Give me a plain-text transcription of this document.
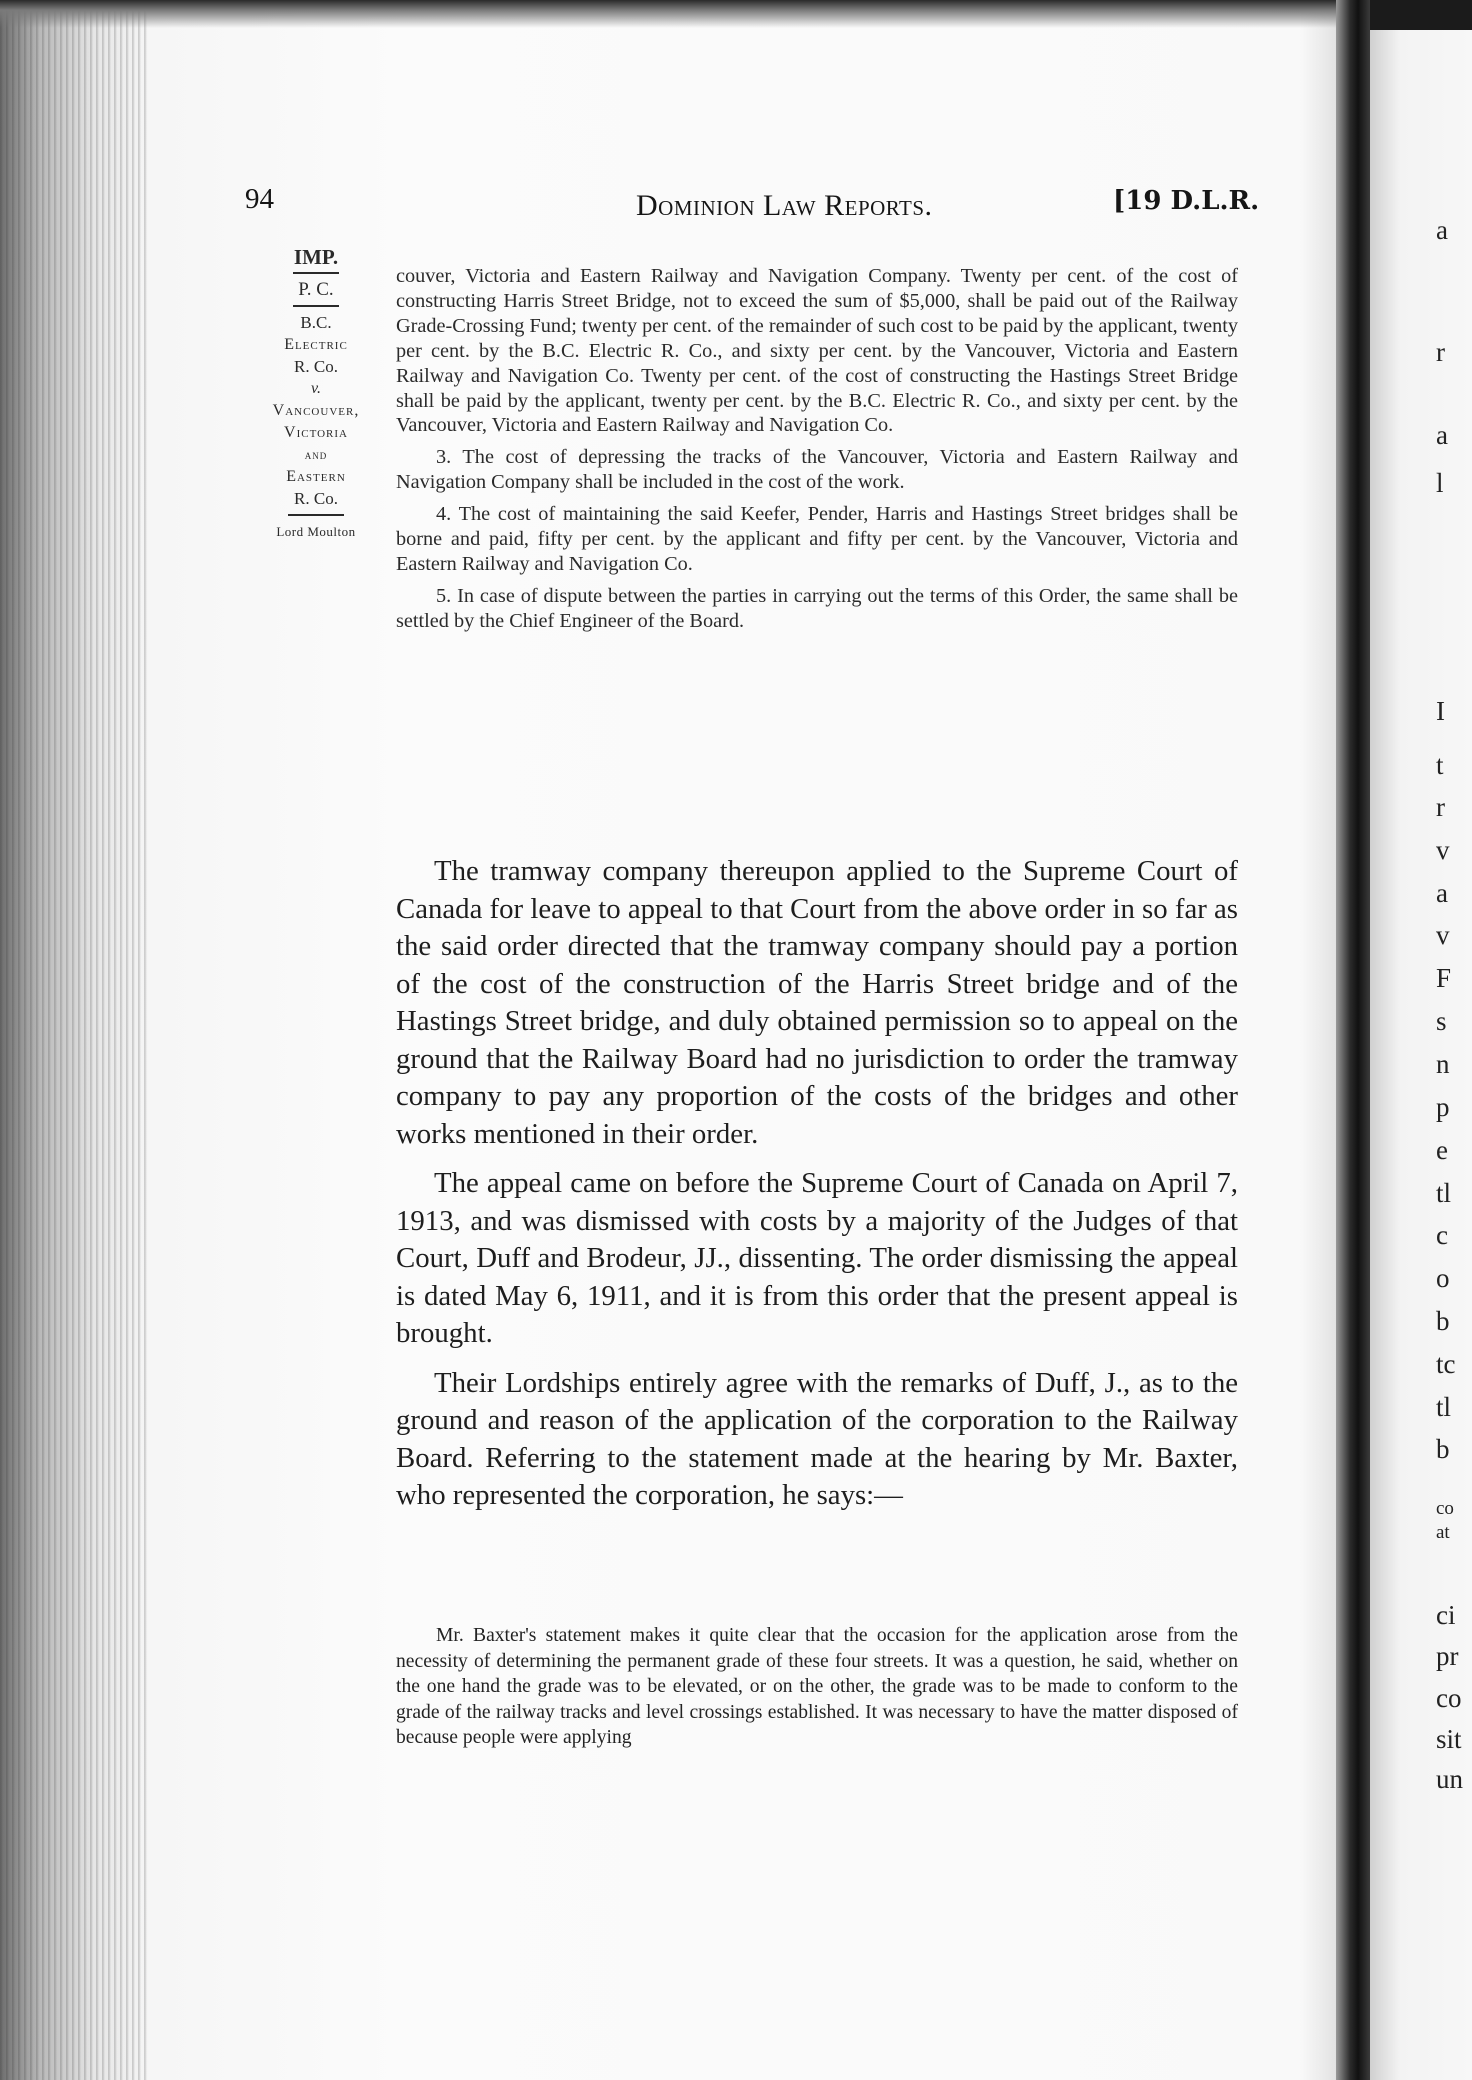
a

r

a

l

I

t

r

v

a

v

F

s

n

p

e

tl

c

o

b

tc

tl

b

co

at

ci

pr

co

sit

un

94	Dominion Law Reports.	[19 D.L.R.

IMP.

P. C.

B.C.

Electric

R. Co.

v.

Vancouver,

Victoria

and

Eastern

R. Co.

Lord Moulton

couver, Victoria and Eastern Railway and Navigation Company. Twenty per cent. of the cost of constructing Harris Street Bridge, not to exceed the sum of $5,000, shall be paid out of the Railway Grade-Crossing Fund; twenty per cent. of the remainder of such cost to be paid by the applicant, twenty per cent. by the B.C. Electric R. Co., and sixty per cent. by the Vancouver, Victoria and Eastern Railway and Navigation Co. Twenty per cent. of the cost of constructing the Hastings Street Bridge shall be paid by the applicant, twenty per cent. by the B.C. Electric R. Co., and sixty per cent. by the Vancouver, Victoria and Eastern Railway and Navigation Co.

3. The cost of depressing the tracks of the Vancouver, Victoria and Eastern Railway and Navigation Company shall be included in the cost of the work.

4. The cost of maintaining the said Keefer, Pender, Harris and Hastings Street bridges shall be borne and paid, fifty per cent. by the applicant and fifty per cent. by the Vancouver, Victoria and Eastern Railway and Navigation Co.

5. In case of dispute between the parties in carrying out the terms of this Order, the same shall be settled by the Chief Engineer of the Board.

The tramway company thereupon applied to the Supreme Court of Canada for leave to appeal to that Court from the above order in so far as the said order directed that the tramway company should pay a portion of the cost of the construction of the Harris Street bridge and of the Hastings Street bridge, and duly obtained permission so to appeal on the ground that the Railway Board had no jurisdiction to order the tramway company to pay any proportion of the costs of the bridges and other works mentioned in their order.

The appeal came on before the Supreme Court of Canada on April 7, 1913, and was dismissed with costs by a majority of the Judges of that Court, Duff and Brodeur, JJ., dissenting. The order dismissing the appeal is dated May 6, 1911, and it is from this order that the present appeal is brought.

Their Lordships entirely agree with the remarks of Duff, J., as to the ground and reason of the application of the corporation to the Railway Board. Referring to the statement made at the hearing by Mr. Baxter, who represented the corporation, he says:—

Mr. Baxter's statement makes it quite clear that the occasion for the application arose from the necessity of determining the permanent grade of these four streets. It was a question, he said, whether on the one hand the grade was to be elevated, or on the other, the grade was to be made to conform to the grade of the railway tracks and level crossings established. It was necessary to have the matter disposed of because people were applying
